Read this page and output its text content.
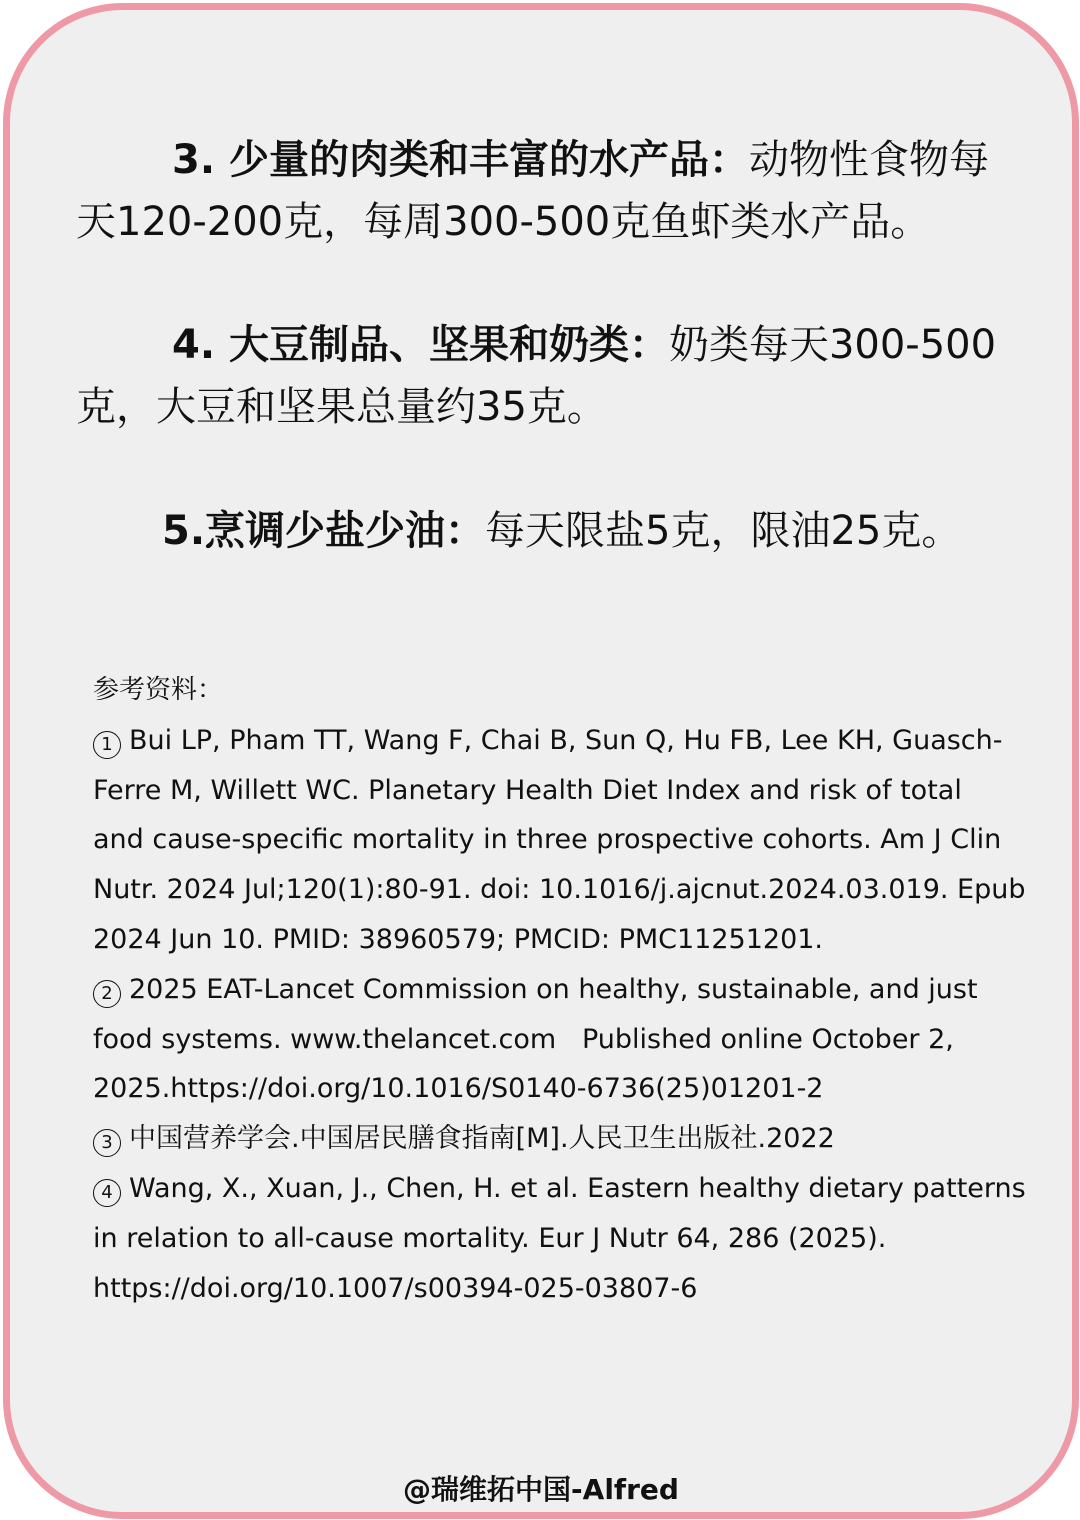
3. 少量的肉类和丰富的水产品：动物性食物每
天120-200克，每周300-500克鱼虾类水产品。
4. 大豆制品、坚果和奶类：奶类每天300-500
克，大豆和坚果总量约35克。
5.烹调少盐少油：每天限盐5克，限油25克。
参考资料：
1 Bui LP, Pham TT, Wang F, Chai B, Sun Q, Hu FB, Lee KH, Guasch-
Ferre M, Willett WC. Planetary Health Diet Index and risk of total
and cause-specific mortality in three prospective cohorts. Am J Clin
Nutr. 2024 Jul;120(1):80-91. doi: 10.1016/j.ajcnut.2024.03.019. Epub
2024 Jun 10. PMID: 38960579; PMCID: PMC11251201.
2 2025 EAT-Lancet Commission on healthy, sustainable, and just
food systems. www.thelancet.com   Published online October 2,
2025.https://doi.org/10.1016/S0140-6736(25)01201-2
3 中国营养学会.中国居民膳食指南[M].人民卫生出版社.2022
4 Wang, X., Xuan, J., Chen, H. et al. Eastern healthy dietary patterns
in relation to all-cause mortality. Eur J Nutr 64, 286 (2025).
https://doi.org/10.1007/s00394-025-03807-6
@瑞维拓中国-Alfred
